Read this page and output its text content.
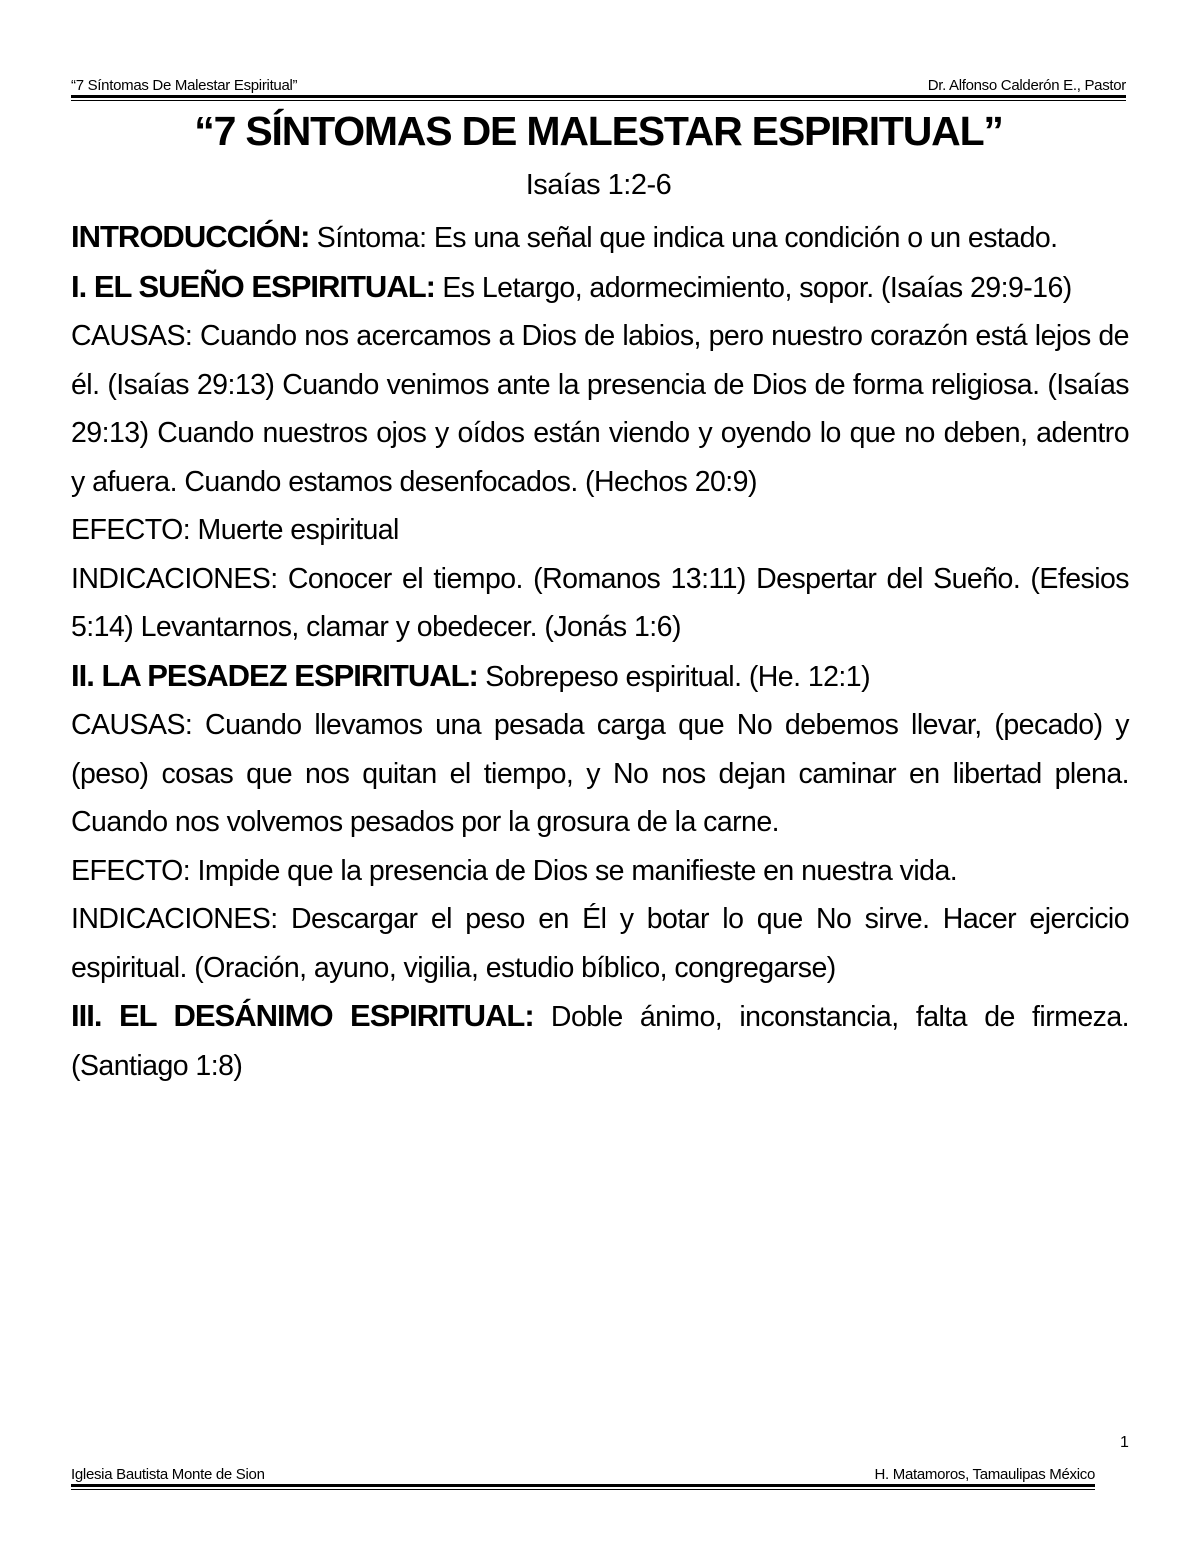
“7 Síntomas De Malestar Espiritual”	Dr. Alfonso Calderón E., Pastor
“7 SÍNTOMAS DE MALESTAR ESPIRITUAL”
Isaías 1:2-6

INTRODUCCIÓN: Síntoma: Es una señal que indica una condición o un estado.

I. EL SUEÑO ESPIRITUAL: Es Letargo, adormecimiento, sopor. (Isaías 29:9-16)

CAUSAS: Cuando nos acercamos a Dios de labios, pero nuestro corazón está lejos de él. (Isaías 29:13) Cuando venimos ante la presencia de Dios de forma religiosa. (Isaías 29:13) Cuando nuestros ojos y oídos están viendo y oyendo lo que no deben, adentro y afuera. Cuando estamos desenfocados. (Hechos 20:9)

EFECTO: Muerte espiritual

INDICACIONES: Conocer el tiempo. (Romanos 13:11) Despertar del Sueño. (Efesios 5:14) Levantarnos, clamar y obedecer. (Jonás 1:6)

II. LA PESADEZ ESPIRITUAL: Sobrepeso espiritual. (He. 12:1)

CAUSAS: Cuando llevamos una pesada carga que No debemos llevar, (pecado) y (peso) cosas que nos quitan el tiempo, y No nos dejan caminar en libertad plena. Cuando nos volvemos pesados por la grosura de la carne.

EFECTO: Impide que la presencia de Dios se manifieste en nuestra vida.

INDICACIONES: Descargar el peso en Él y botar lo que No sirve. Hacer ejercicio espiritual. (Oración, ayuno, vigilia, estudio bíblico, congregarse)

III. EL DESÁNIMO ESPIRITUAL: Doble ánimo, inconstancia, falta de firmeza. (Santiago 1:8)

1
Iglesia Bautista Monte de Sion	H. Matamoros, Tamaulipas México
